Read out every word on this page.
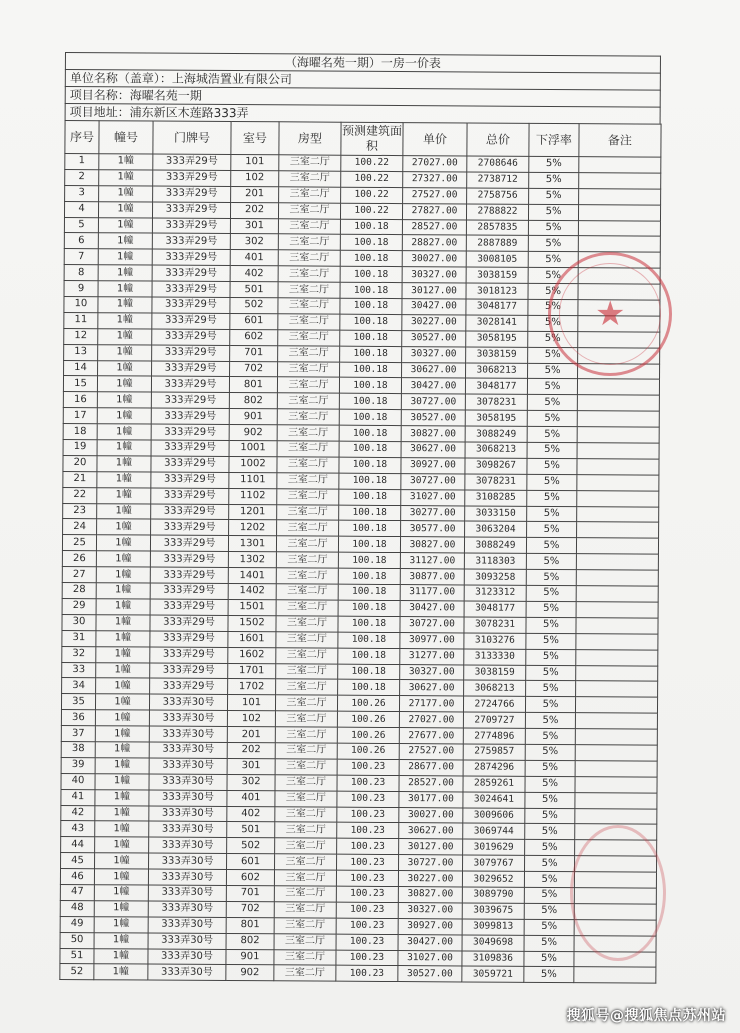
（海曜名苑一期）一房一价表
单位名称（盖章）：上海城浩置业有限公司
项目名称：海曜名苑一期
项目地址：浦东新区木莲路333弄
序号	幢号	门牌号	室号	房型	预测建筑面积	单价	总价	下浮率	备注
1	1幢	333弄29号	101	三室二厅	100.22	27027.00	2708646	5%	
2	1幢	333弄29号	102	三室二厅	100.22	27327.00	2738712	5%	
3	1幢	333弄29号	201	三室二厅	100.22	27527.00	2758756	5%	
4	1幢	333弄29号	202	三室二厅	100.22	27827.00	2788822	5%	
5	1幢	333弄29号	301	三室二厅	100.18	28527.00	2857835	5%	
6	1幢	333弄29号	302	三室二厅	100.18	28827.00	2887889	5%	
7	1幢	333弄29号	401	三室二厅	100.18	30027.00	3008105	5%	
8	1幢	333弄29号	402	三室二厅	100.18	30327.00	3038159	5%	
9	1幢	333弄29号	501	三室二厅	100.18	30127.00	3018123	5%	
10	1幢	333弄29号	502	三室二厅	100.18	30427.00	3048177	5%	
11	1幢	333弄29号	601	三室二厅	100.18	30227.00	3028141	5%	
12	1幢	333弄29号	602	三室二厅	100.18	30527.00	3058195	5%	
13	1幢	333弄29号	701	三室二厅	100.18	30327.00	3038159	5%	
14	1幢	333弄29号	702	三室二厅	100.18	30627.00	3068213	5%	
15	1幢	333弄29号	801	三室二厅	100.18	30427.00	3048177	5%	
16	1幢	333弄29号	802	三室二厅	100.18	30727.00	3078231	5%	
17	1幢	333弄29号	901	三室二厅	100.18	30527.00	3058195	5%	
18	1幢	333弄29号	902	三室二厅	100.18	30827.00	3088249	5%	
19	1幢	333弄29号	1001	三室二厅	100.18	30627.00	3068213	5%	
20	1幢	333弄29号	1002	三室二厅	100.18	30927.00	3098267	5%	
21	1幢	333弄29号	1101	三室二厅	100.18	30727.00	3078231	5%	
22	1幢	333弄29号	1102	三室二厅	100.18	31027.00	3108285	5%	
23	1幢	333弄29号	1201	三室二厅	100.18	30277.00	3033150	5%	
24	1幢	333弄29号	1202	三室二厅	100.18	30577.00	3063204	5%	
25	1幢	333弄29号	1301	三室二厅	100.18	30827.00	3088249	5%	
26	1幢	333弄29号	1302	三室二厅	100.18	31127.00	3118303	5%	
27	1幢	333弄29号	1401	三室二厅	100.18	30877.00	3093258	5%	
28	1幢	333弄29号	1402	三室二厅	100.18	31177.00	3123312	5%	
29	1幢	333弄29号	1501	三室二厅	100.18	30427.00	3048177	5%	
30	1幢	333弄29号	1502	三室二厅	100.18	30727.00	3078231	5%	
31	1幢	333弄29号	1601	三室二厅	100.18	30977.00	3103276	5%	
32	1幢	333弄29号	1602	三室二厅	100.18	31277.00	3133330	5%	
33	1幢	333弄29号	1701	三室二厅	100.18	30327.00	3038159	5%	
34	1幢	333弄29号	1702	三室二厅	100.18	30627.00	3068213	5%	
35	1幢	333弄30号	101	三室二厅	100.26	27177.00	2724766	5%	
36	1幢	333弄30号	102	三室二厅	100.26	27027.00	2709727	5%	
37	1幢	333弄30号	201	三室二厅	100.26	27677.00	2774896	5%	
38	1幢	333弄30号	202	三室二厅	100.26	27527.00	2759857	5%	
39	1幢	333弄30号	301	三室二厅	100.23	28677.00	2874296	5%	
40	1幢	333弄30号	302	三室二厅	100.23	28527.00	2859261	5%	
41	1幢	333弄30号	401	三室二厅	100.23	30177.00	3024641	5%	
42	1幢	333弄30号	402	三室二厅	100.23	30027.00	3009606	5%	
43	1幢	333弄30号	501	三室二厅	100.23	30627.00	3069744	5%	
44	1幢	333弄30号	502	三室二厅	100.23	30127.00	3019629	5%	
45	1幢	333弄30号	601	三室二厅	100.23	30727.00	3079767	5%	
46	1幢	333弄30号	602	三室二厅	100.23	30227.00	3029652	5%	
47	1幢	333弄30号	701	三室二厅	100.23	30827.00	3089790	5%	
48	1幢	333弄30号	702	三室二厅	100.23	30327.00	3039675	5%	
49	1幢	333弄30号	801	三室二厅	100.23	30927.00	3099813	5%	
50	1幢	333弄30号	802	三室二厅	100.23	30427.00	3049698	5%	
51	1幢	333弄30号	901	三室二厅	100.23	31027.00	3109836	5%	
52	1幢	333弄30号	902	三室二厅	100.23	30527.00	3059721	5%	
★
搜狐号@搜狐焦点苏州站
